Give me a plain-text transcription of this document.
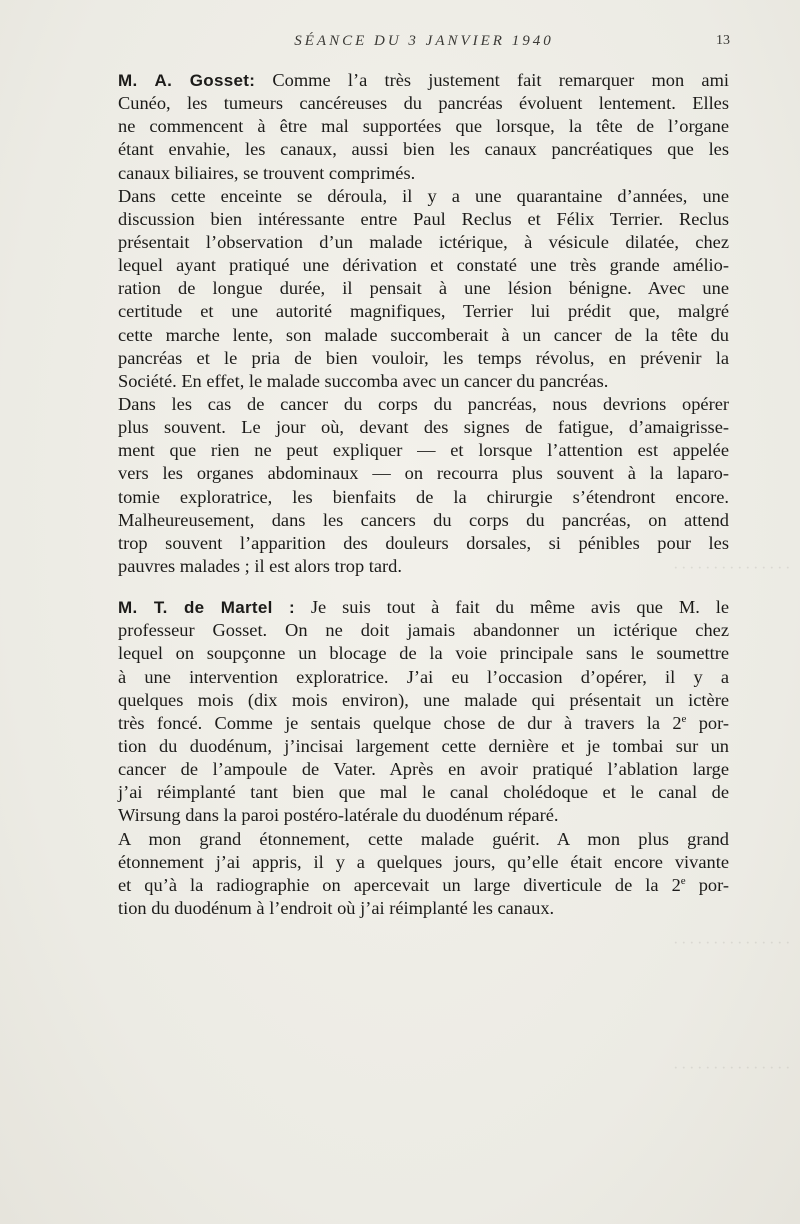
· · · · · · · · · · · · · · ·
· · · · · · · · · · · · · · ·
· · · · · · · · · · · · · · ·
SÉANCE DU 3 JANVIER 1940	13
M. A. Gosset: Comme l’a très justement fait remarquer mon ami
Cunéo, les tumeurs cancéreuses du pancréas évoluent lentement. Elles
ne commencent à être mal supportées que lorsque, la tête de l’organe
étant envahie, les canaux, aussi bien les canaux pancréatiques que les
canaux biliaires, se trouvent comprimés.
Dans cette enceinte se déroula, il y a une quarantaine d’années, une
discussion bien intéressante entre Paul Reclus et Félix Terrier. Reclus
présentait l’observation d’un malade ictérique, à vésicule dilatée, chez
lequel ayant pratiqué une dérivation et constaté une très grande amélio-
ration de longue durée, il pensait à une lésion bénigne. Avec une
certitude et une autorité magnifiques, Terrier lui prédit que, malgré
cette marche lente, son malade succomberait à un cancer de la tête du
pancréas et le pria de bien vouloir, les temps révolus, en prévenir la
Société. En effet, le malade succomba avec un cancer du pancréas.
Dans les cas de cancer du corps du pancréas, nous devrions opérer
plus souvent. Le jour où, devant des signes de fatigue, d’amaigrisse-
ment que rien ne peut expliquer — et lorsque l’attention est appelée
vers les organes abdominaux — on recourra plus souvent à la laparo-
tomie exploratrice, les bienfaits de la chirurgie s’étendront encore.
Malheureusement, dans les cancers du corps du pancréas, on attend
trop souvent l’apparition des douleurs dorsales, si pénibles pour les
pauvres malades ; il est alors trop tard.
M. T. de Martel : Je suis tout à fait du même avis que M. le
professeur Gosset. On ne doit jamais abandonner un ictérique chez
lequel on soupçonne un blocage de la voie principale sans le soumettre
à une intervention exploratrice. J’ai eu l’occasion d’opérer, il y a
quelques mois (dix mois environ), une malade qui présentait un ictère
très foncé. Comme je sentais quelque chose de dur à travers la 2e por-
tion du duodénum, j’incisai largement cette dernière et je tombai sur un
cancer de l’ampoule de Vater. Après en avoir pratiqué l’ablation large
j’ai réimplanté tant bien que mal le canal cholédoque et le canal de
Wirsung dans la paroi postéro-latérale du duodénum réparé.
A mon grand étonnement, cette malade guérit. A mon plus grand
étonnement j’ai appris, il y a quelques jours, qu’elle était encore vivante
et qu’à la radiographie on apercevait un large diverticule de la 2e por-
tion du duodénum à l’endroit où j’ai réimplanté les canaux.
